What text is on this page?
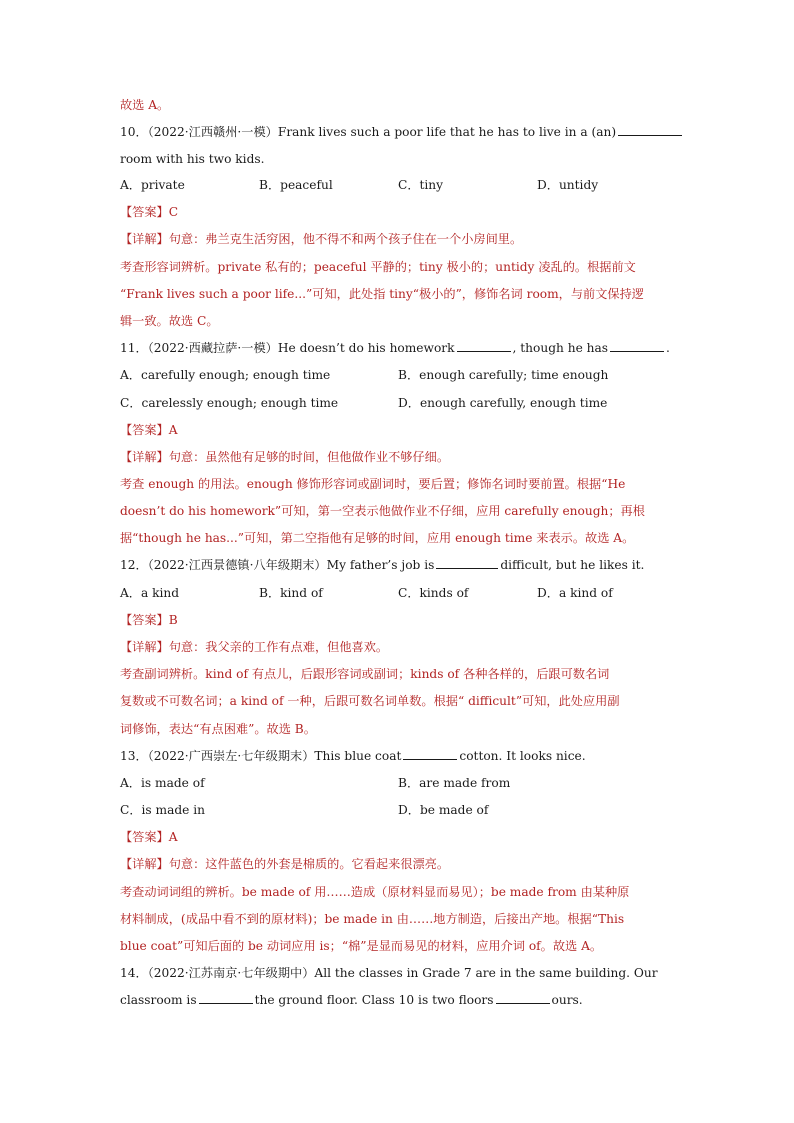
故选 A。
10．（2022·江西赣州·一模）Frank lives such a poor life that he has to live in a (an)
room with his two kids.
A．private	B．peaceful	C．tiny	D．untidy
【答案】C
【详解】句意：弗兰克生活穷困，他不得不和两个孩子住在一个小房间里。
考查形容词辨析。private 私有的；peaceful 平静的；tiny 极小的；untidy 凌乱的。根据前文
“Frank lives such a poor life...”可知，此处指 tiny“极小的”，修饰名词 room，与前文保持逻
辑一致。故选 C。
11．（2022·西藏拉萨·一模）He doesn’t do his homework	, though he has	.
A．carefully enough; enough time	B．enough carefully; time enough
C．carelessly enough; enough time	D．enough carefully, enough time
【答案】A
【详解】句意：虽然他有足够的时间，但他做作业不够仔细。
考查 enough 的用法。enough 修饰形容词或副词时，要后置；修饰名词时要前置。根据“He
doesn’t do his homework”可知，第一空表示他做作业不仔细，应用 carefully enough；再根
据“though he has...”可知，第二空指他有足够的时间，应用 enough time 来表示。故选 A。
12．（2022·江西景德镇·八年级期末）My father’s job is	difficult, but he likes it.
A．a kind	B．kind of	C．kinds of	D．a kind of
【答案】B
【详解】句意：我父亲的工作有点难，但他喜欢。
考查副词辨析。kind of 有点儿，后跟形容词或副词；kinds of 各种各样的，后跟可数名词
复数或不可数名词；a kind of 一种，后跟可数名词单数。根据“ difficult”可知，此处应用副
词修饰，表达“有点困难”。故选 B。
13．（2022·广西崇左·七年级期末）This blue coat	cotton. It looks nice.
A．is made of	B．are made from
C．is made in	D．be made of
【答案】A
【详解】句意：这件蓝色的外套是棉质的。它看起来很漂亮。
考查动词词组的辨析。be made of 用……造成（原材料显而易见）；be made from 由某种原
材料制成，(成品中看不到的原材料)；be made in 由……地方制造，后接出产地。根据“This
blue coat”可知后面的 be 动词应用 is；“棉”是显而易见的材料，应用介词 of。故选 A。
14．（2022·江苏南京·七年级期中）All the classes in Grade 7 are in the same building. Our
classroom is	the ground floor. Class 10 is two floors	ours.
